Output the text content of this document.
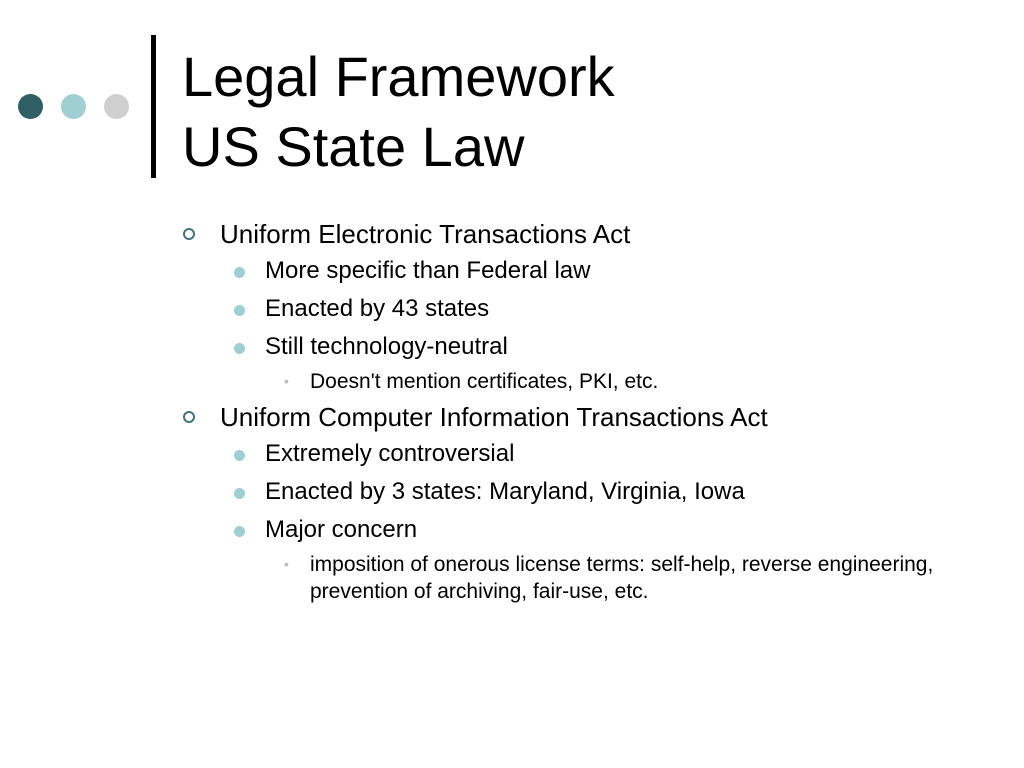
Legal Framework
US State Law
Uniform Electronic Transactions Act
More specific than Federal law
Enacted by 43 states
Still technology-neutral
• Doesn't mention certificates, PKI, etc.
Uniform Computer Information Transactions Act
Extremely controversial
Enacted by 3 states: Maryland, Virginia, Iowa
Major concern
• imposition of onerous license terms: self-help, reverse engineering, prevention of archiving, fair-use, etc.
